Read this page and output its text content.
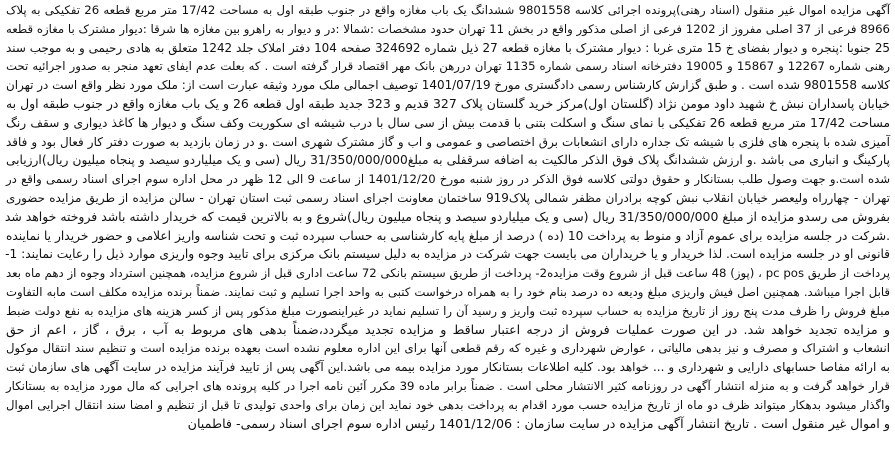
آگهی مزایده اموال غیر منقول (اسناد رهنی)پرونده اجرائی کلاسه 9801558 ششدانگ یک باب مغازه واقع در جنوب طبقه اول به مساحت 17/42 متر مربع قطعه 26 تفکیکی به پلاک
8966 فرعی از 37 اصلی مفروز از 1202 فرعی از اصلی مذکور واقع در بخش 11 تهران حدود مشخصات :شمالا :در و دیوار به راهرو بین مغازه ها شرقا :دیوار مشترک با مغازه قطعه
25 جنوبا :پنجره و دیوار بفضای خ 15 متری غربا : دیوار مشترک با مغازه قطعه 27 ذیل شماره 324692 صفحه 104 دفتر املاک جلد 1242 متعلق به هادی رحیمی و به موجب سند
رهنی شماره 12267 و 15867 و 19005 دفترخانه اسناد رسمی شماره 1135 تهران دررهن بانک مهر اقتصاد قرار گرفته است . که بعلت عدم ایفای تعهد منجر به صدور اجرائیه تحت
کلاسه 9801558 شده است . و طبق گزارش کارشناس رسمی دادگستری مورخ 1401/07/19 توصیف اجمالی ملک مورد وثیقه عبارت است از: ملک مورد نظر واقع است در تهران
خیابان پاسداران نبش خ شهید داود مومن نژاد (گلستان اول)مرکز خرید گلستان پلاک 327 قدیم و 323 جدید طبقه اول قطعه 26 و یک باب مغازه واقع در جنوب طبقه اول به
مساحت 17/42 متر مربع قطعه 26 تفکیکی با نمای سنگ و اسکلت بتنی با قدمت بیش از سی سال با درب شیشه ای سکوریت وکف سنگ و دیوار ها کاغذ دیواری و سقف رنگ
آمیزی شده با پنجره های فلزی با شیشه تک جداره دارای انشعابات برق اختصاصی و عمومی و اب و گاز مشترک شهری است .و در زمان بازدید به صورت دفتر کار فعال بود و فاقد
پارکینگ و انباری می باشد .و ارزش ششدانگ پلاک فوق الذکر مالکیت به اضافه سرقفلی به مبلغ31/350/000/000 ریال (سی و یک میلیاردو سیصد و پنجاه میلیون ریال)ارزیابی
شده است.و جهت وصول طلب بستانکار و حقوق دولتی کلاسه فوق الذکر در روز شنبه مورخ 1401/12/20 از ساعت 9 الی 12 ظهر در محل اداره سوم اجرای اسناد رسمی واقع در
تهران - چهارراه ولیعصر خیابان انقلاب نبش کوچه برادران مظفر شمالی پلاک919 ساختمان معاونت اجرای اسناد رسمی ثبت استان تهران - سالن مزایده از طریق مزایده حضوری
بفروش می رسدو مزایده از مبلغ 31/350/000/000 ریال (سی و یک میلیاردو سیصد و پنجاه میلیون ریال)شروع و به بالاترین قیمت که خریدار داشته باشد فروخته خواهد شد
.شرکت در جلسه مزایده برای عموم آزاد و منوط به پرداخت 10 (ده ) درصد از مبلغ پایه کارشناسی به حساب سپرده ثبت و تحت شناسه واریز اعلامی و حضور خریدار یا نماینده
قانونی او در جلسه مزایده است. لذا خریدار و یا خریداران می بایست جهت شرکت در مزایده به دلیل سیستم بانک مرکزی برای تایید وجوه واریزی موارد ذیل را رعایت نمایند: 1-
پرداخت از طریق pc pos ، (پوز) 48 ساعت قبل از شروع وقت مزایده2- پرداخت از طریق سیستم بانکی 72 ساعت اداری قبل از شروع مزایده، همچنین استرداد وجوه از دهم ماه بعد
قابل اجرا میباشد. همچنین اصل فیش واریزی مبلغ ودیعه ده درصد بنام خود را به همراه درخواست کتبی به واحد اجرا تسلیم و ثبت نمایند. ضمناً برنده مزایده مکلف است مابه التفاوت
مبلغ فروش را ظرف مدت پنج روز از تاریخ مزایده به حساب سپرده ثبت واریز و رسید آن را تسلیم نماید در غیراینصورت مبلغ مذکور پس از کسر هزینه های مزایده به نفع دولت ضبط
و مزایده تجدید خواهد شد. در این صورت عملیات فروش از درجه اعتبار ساقط و مزایده تجدید میگردد،ضمناً بدهی های مربوط به آب ، برق ، گاز ، اعم از حق
انشعاب و اشتراک و مصرف و نیز بدهی مالیاتی ، عوارض شهرداری و غیره که رقم قطعی آنها برای این اداره معلوم نشده است بعهده برنده مزایده است و تنظیم سند انتقال موکول
به ارائه مفاصا حسابهای دارایی و شهرداری و ... خواهد بود. کلیه اطلاعات بستانکار مورد مزایده بیمه می باشد.این آگهی پس از تایید فرآیند مزایده در سایت آگهی های سازمان ثبت
قرار خواهد گرفت و به منزله انتشار آگهی در روزنامه کثیر الانتشار محلی است . ضمناً برابر ماده 39 مکرر آئین نامه اجرا در کلیه پرونده های اجرایی که مال مورد مزایده به بستانکار
واگذار میشود بدهکار میتواند ظرف دو ماه از تاریخ مزایده حسب مورد اقدام به پرداخت بدهی خود نماید این زمان برای واحدی تولیدی تا قبل از تنظیم و امضا سند انتقال اجرایی اموال
و اموال غیر منقول است . تاریخ انتشار آگهی مزایده در سایت سازمان : 1401/12/06 رئیس اداره سوم اجرای اسناد رسمی- فاطمیان
